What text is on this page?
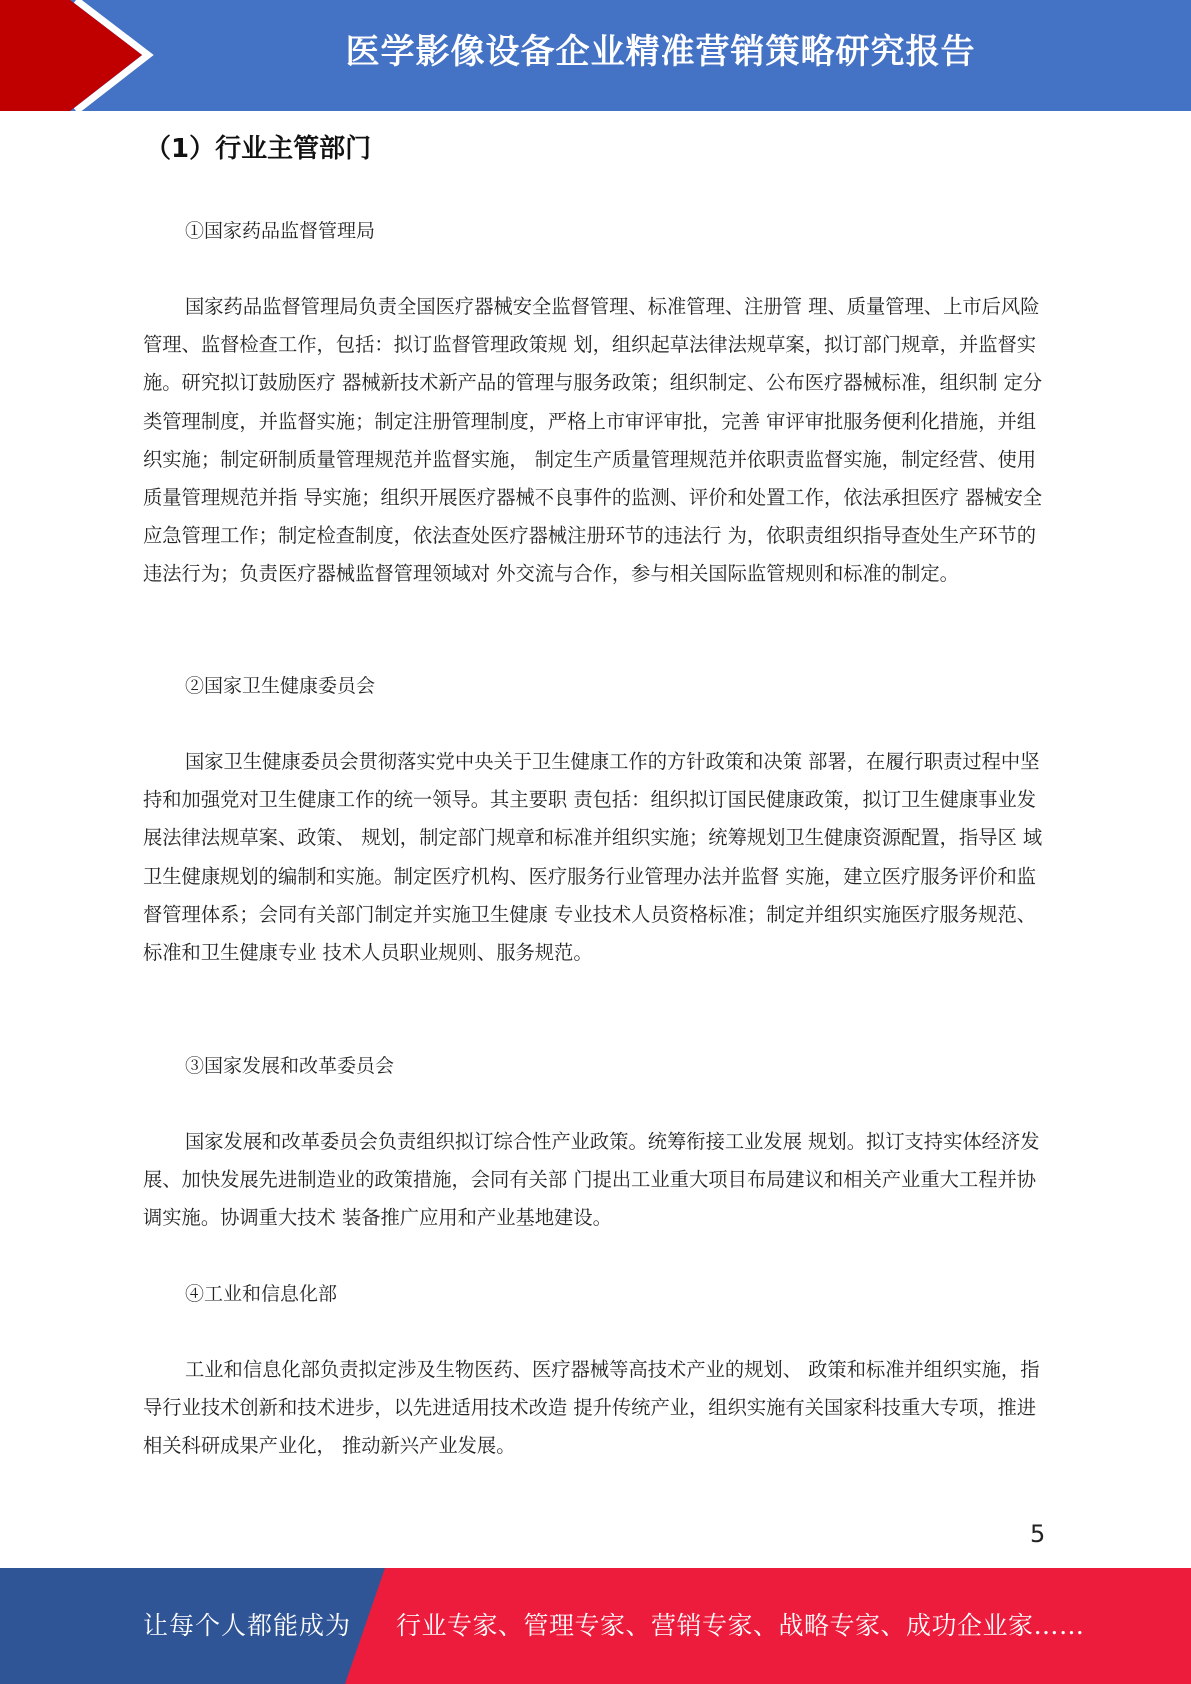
医学影像设备企业精准营销策略研究报告
（1）行业主管部门
①国家药品监督管理局
国家药品监督管理局负责全国医疗器械安全监督管理、标准管理、注册管 理、质量管理、上市后风险管理、监督检查工作，包括：拟订监督管理政策规 划，组织起草法律法规草案，拟订部门规章，并监督实施。研究拟订鼓励医疗 器械新技术新产品的管理与服务政策；组织制定、公布医疗器械标准，组织制 定分类管理制度，并监督实施；制定注册管理制度，严格上市审评审批，完善 审评审批服务便利化措施，并组织实施；制定研制质量管理规范并监督实施， 制定生产质量管理规范并依职责监督实施，制定经营、使用质量管理规范并指 导实施；组织开展医疗器械不良事件的监测、评价和处置工作，依法承担医疗 器械安全应急管理工作；制定检查制度，依法查处医疗器械注册环节的违法行 为，依职责组织指导查处生产环节的违法行为；负责医疗器械监督管理领域对 外交流与合作，参与相关国际监管规则和标准的制定。
②国家卫生健康委员会
国家卫生健康委员会贯彻落实党中央关于卫生健康工作的方针政策和决策 部署，在履行职责过程中坚持和加强党对卫生健康工作的统一领导。其主要职 责包括：组织拟订国民健康政策，拟订卫生健康事业发展法律法规草案、政策、 规划，制定部门规章和标准并组织实施；统筹规划卫生健康资源配置，指导区 域卫生健康规划的编制和实施。制定医疗机构、医疗服务行业管理办法并监督 实施，建立医疗服务评价和监督管理体系；会同有关部门制定并实施卫生健康 专业技术人员资格标准；制定并组织实施医疗服务规范、标准和卫生健康专业 技术人员职业规则、服务规范。
③国家发展和改革委员会
国家发展和改革委员会负责组织拟订综合性产业政策。统筹衔接工业发展 规划。拟订支持实体经济发展、加快发展先进制造业的政策措施，会同有关部 门提出工业重大项目布局建议和相关产业重大工程并协调实施。协调重大技术 装备推广应用和产业基地建设。
④工业和信息化部
工业和信息化部负责拟定涉及生物医药、医疗器械等高技术产业的规划、 政策和标准并组织实施，指导行业技术创新和技术进步，以先进适用技术改造 提升传统产业，组织实施有关国家科技重大专项，推进相关科研成果产业化， 推动新兴产业发展。
5
让每个人都能成为 行业专家、管理专家、营销专家、战略专家、成功企业家……
